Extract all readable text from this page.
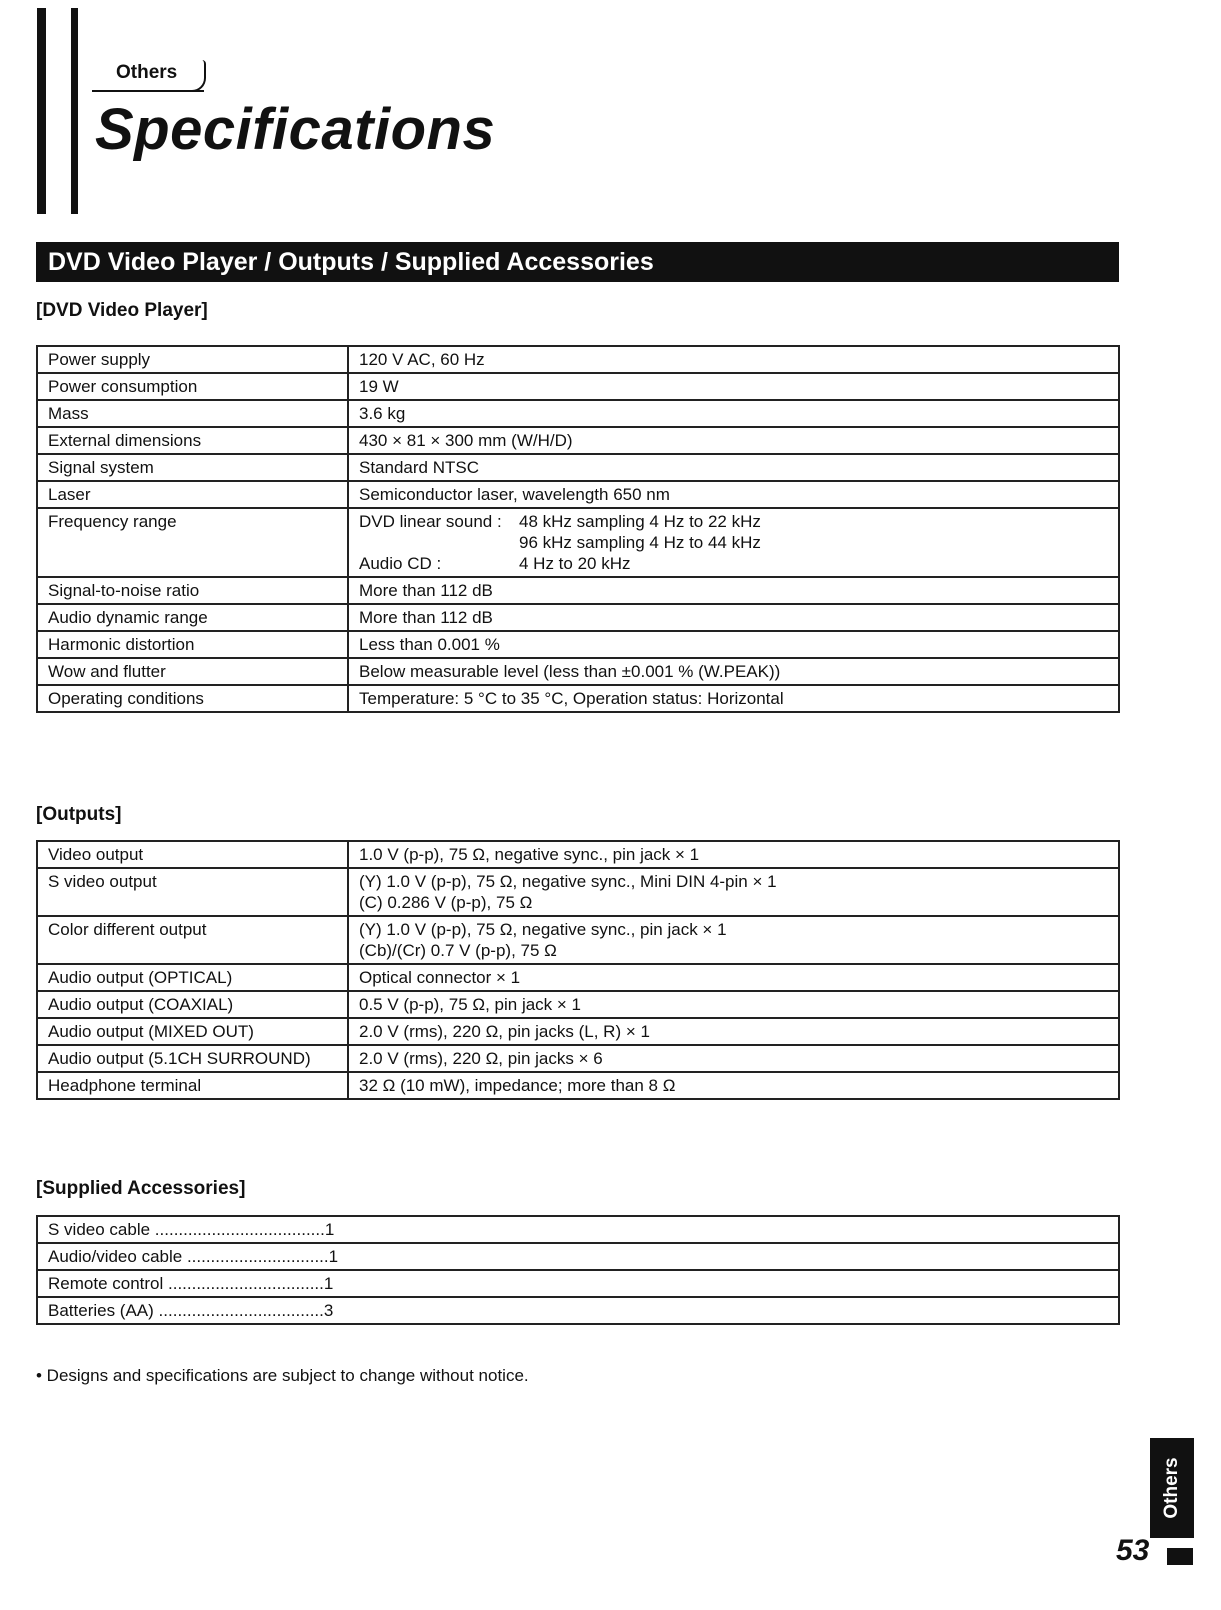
Others
Specifications
DVD Video Player / Outputs / Supplied Accessories
[DVD Video Player]
Power supply	120 V AC, 60 Hz
Power consumption	19 W
Mass	3.6 kg
External dimensions	430 × 81 × 300 mm (W/H/D)
Signal system	Standard NTSC
Laser	Semiconductor laser, wavelength 650 nm
Frequency range	DVD linear sound : 48 kHz sampling 4 Hz to 22 kHz
96 kHz sampling 4 Hz to 44 kHz
Audio CD : 4 Hz to 20 kHz

Signal-to-noise ratio	More than 112 dB
Audio dynamic range	More than 112 dB
Harmonic distortion	Less than 0.001 %
Wow and flutter	Below measurable level (less than ±0.001 % (W.PEAK))
Operating conditions	Temperature: 5 °C to 35 °C, Operation status: Horizontal
[Outputs]
Video output	1.0 V (p-p), 75 Ω, negative sync., pin jack × 1

S video output	(Y) 1.0 V (p-p), 75 Ω, negative sync., Mini DIN 4-pin × 1
(C) 0.286 V (p-p), 75 Ω

Color different output	(Y) 1.0 V (p-p), 75 Ω, negative sync., pin jack × 1
(Cb)/(Cr) 0.7 V (p-p), 75 Ω

Audio output (OPTICAL)	Optical connector × 1

Audio output (COAXIAL)	0.5 V (p-p), 75 Ω, pin jack × 1

Audio output (MIXED OUT)	2.0 V (rms), 220 Ω, pin jacks (L, R) × 1

Audio output (5.1CH SURROUND)	2.0 V (rms), 220 Ω, pin jacks × 6

Headphone terminal	32 Ω (10 mW), impedance; more than 8 Ω
[Supplied Accessories]
S video cable .................................... 1

Audio/video cable .............................. 1

Remote control ................................. 1

Batteries (AA) ................................... 3
• Designs and specifications are subject to change without notice.
Others
53
